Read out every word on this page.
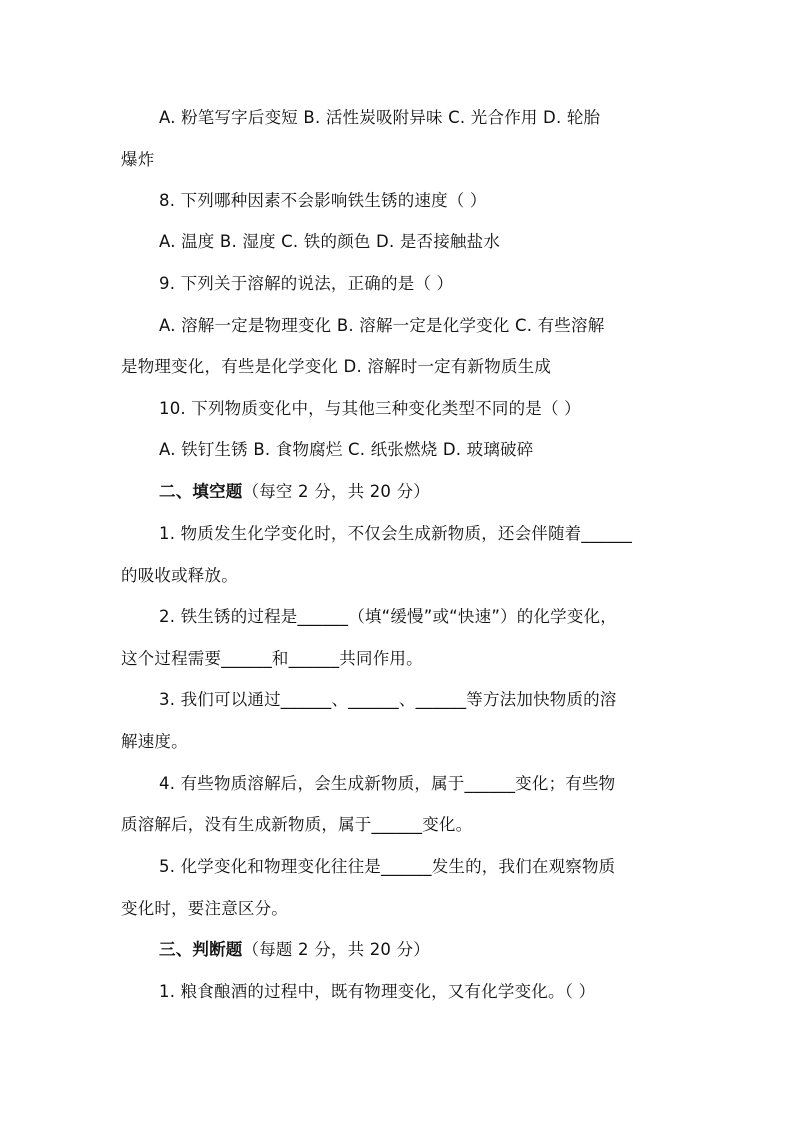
A. 粉笔写字后变短 B. 活性炭吸附异味 C. 光合作用 D. 轮胎
爆炸
8. 下列哪种因素不会影响铁生锈的速度（ ）
A. 温度 B. 湿度 C. 铁的颜色 D. 是否接触盐水
9. 下列关于溶解的说法，正确的是（ ）
A. 溶解一定是物理变化 B. 溶解一定是化学变化 C. 有些溶解
是物理变化，有些是化学变化 D. 溶解时一定有新物质生成
10. 下列物质变化中，与其他三种变化类型不同的是（ ）
A. 铁钉生锈 B. 食物腐烂 C. 纸张燃烧 D. 玻璃破碎
二、填空题（每空 2 分，共 20 分）
1. 物质发生化学变化时，不仅会生成新物质，还会伴随着______
的吸收或释放。
2. 铁生锈的过程是______（填“缓慢”或“快速”）的化学变化，
这个过程需要______和______共同作用。
3. 我们可以通过______、______、______等方法加快物质的溶
解速度。
4. 有些物质溶解后，会生成新物质，属于______变化；有些物
质溶解后，没有生成新物质，属于______变化。
5. 化学变化和物理变化往往是______发生的，我们在观察物质
变化时，要注意区分。
三、判断题（每题 2 分，共 20 分）
1. 粮食酿酒的过程中，既有物理变化，又有化学变化。（ ）
